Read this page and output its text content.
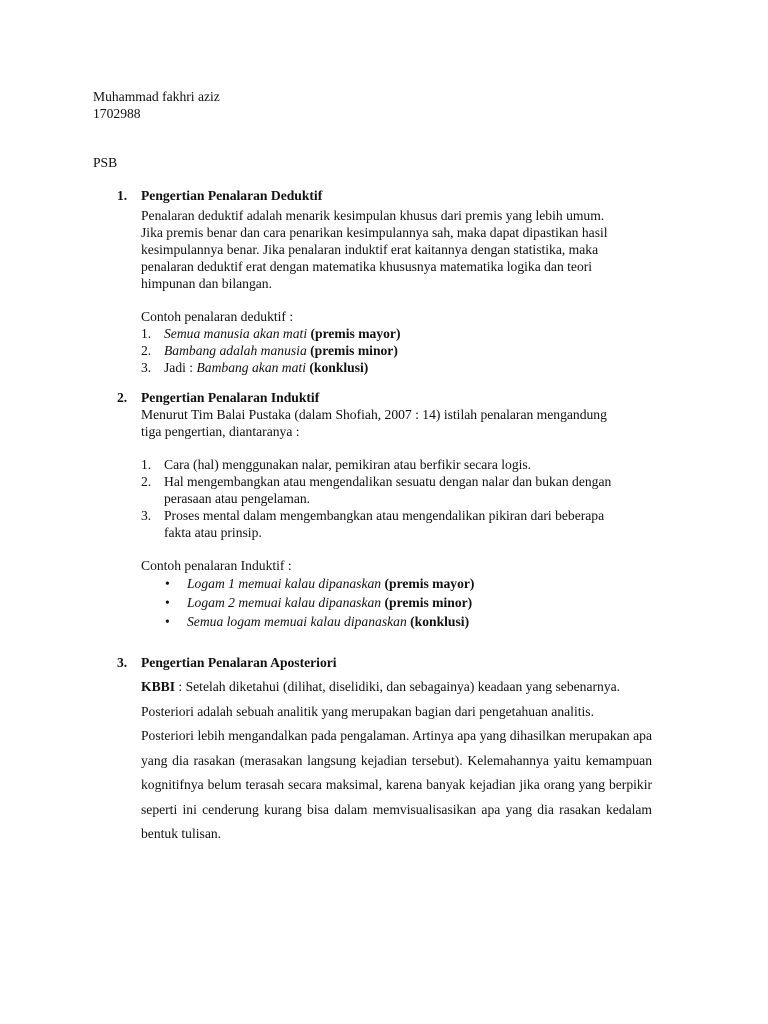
Muhammad fakhri aziz
1702988
PSB
1. Pengertian Penalaran Deduktif
Penalaran deduktif adalah menarik kesimpulan khusus dari premis yang lebih umum.
Jika premis benar dan cara penarikan kesimpulannya sah, maka dapat dipastikan hasil
kesimpulannya benar. Jika penalaran induktif erat kaitannya dengan statistika, maka
penalaran deduktif erat dengan matematika khususnya matematika logika dan teori
himpunan dan bilangan.
Contoh penalaran deduktif :
1. Semua manusia akan mati (premis mayor)
2. Bambang adalah manusia (premis minor)
3. Jadi : Bambang akan mati (konklusi)
2. Pengertian Penalaran Induktif
Menurut Tim Balai Pustaka (dalam Shofiah, 2007 : 14) istilah penalaran mengandung
tiga pengertian, diantaranya :
1. Cara (hal) menggunakan nalar, pemikiran atau berfikir secara logis.
2. Hal mengembangkan atau mengendalikan sesuatu dengan nalar dan bukan dengan
perasaan atau pengelaman.
3. Proses mental dalam mengembangkan atau mengendalikan pikiran dari beberapa
fakta atau prinsip.
Contoh penalaran Induktif :
• Logam 1 memuai kalau dipanaskan (premis mayor)
• Logam 2 memuai kalau dipanaskan (premis minor)
• Semua logam memuai kalau dipanaskan (konklusi)
3. Pengertian Penalaran Aposteriori
KBBI : Setelah diketahui (dilihat, diselidiki, dan sebagainya) keadaan yang sebenarnya.
Posteriori adalah sebuah analitik yang merupakan bagian dari pengetahuan analitis.
Posteriori lebih mengandalkan pada pengalaman. Artinya apa yang dihasilkan merupakan apa yang dia rasakan (merasakan langsung kejadian tersebut). Kelemahannya yaitu kemampuan kognitifnya belum terasah secara maksimal, karena banyak kejadian jika orang yang berpikir seperti ini cenderung kurang bisa dalam memvisualisasikan apa yang dia rasakan kedalam bentuk tulisan.
